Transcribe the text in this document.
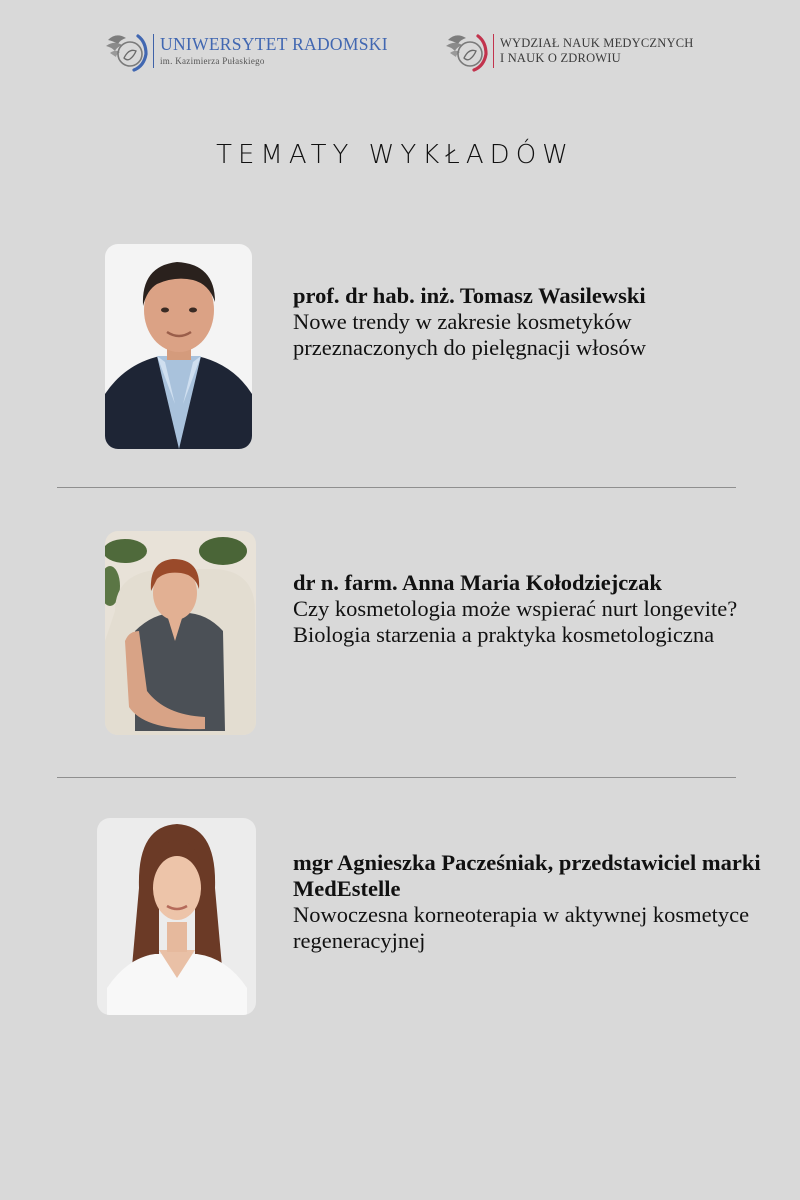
UNIWERSYTET RADOMSKI
im. Kazimierza Pułaskiego
WYDZIAŁ NAUK MEDYCZNYCH
I NAUK O ZDROWIU
TEMATY WYKŁADÓW
prof. dr hab. inż. Tomasz Wasilewski
Nowe trendy w zakresie kosmetyków przeznaczonych do pielęgnacji włosów
dr n. farm. Anna Maria Kołodziejczak
Czy kosmetologia może wspierać nurt longevite? Biologia starzenia a praktyka kosmetologiczna
mgr Agnieszka Pacześniak, przedstawiciel marki MedEstelle
Nowoczesna korneoterapia w aktywnej kosmetyce regeneracyjnej
